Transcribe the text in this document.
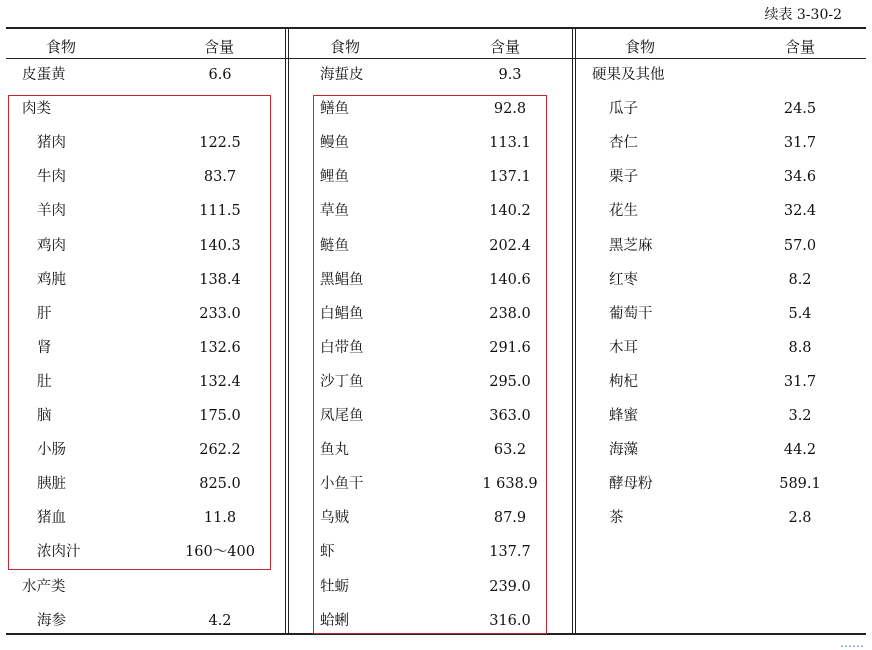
续表 3-30-2
食物	含量
皮蛋黄	6.6
肉类
猪肉	122.5
牛肉	83.7
羊肉	111.5
鸡肉	140.3
鸡肫	138.4
肝	233.0
肾	132.6
肚	132.4
脑	175.0
小肠	262.2
胰脏	825.0
猪血	11.8
浓肉汁	160～400
水产类
海参	4.2
食物	含量
海蜇皮	9.3
鳝鱼	92.8
鳗鱼	113.1
鲤鱼	137.1
草鱼	140.2
鲢鱼	202.4
黑鲳鱼	140.6
白鲳鱼	238.0
白带鱼	291.6
沙丁鱼	295.0
凤尾鱼	363.0
鱼丸	63.2
小鱼干	1 638.9
乌贼	87.9
虾	137.7
牡蛎	239.0
蛤蜊	316.0
食物	含量
硬果及其他
瓜子	24.5
杏仁	31.7
栗子	34.6
花生	32.4
黑芝麻	57.0
红枣	8.2
葡萄干	5.4
木耳	8.8
枸杞	31.7
蜂蜜	3.2
海藻	44.2
酵母粉	589.1
茶	2.8
……
